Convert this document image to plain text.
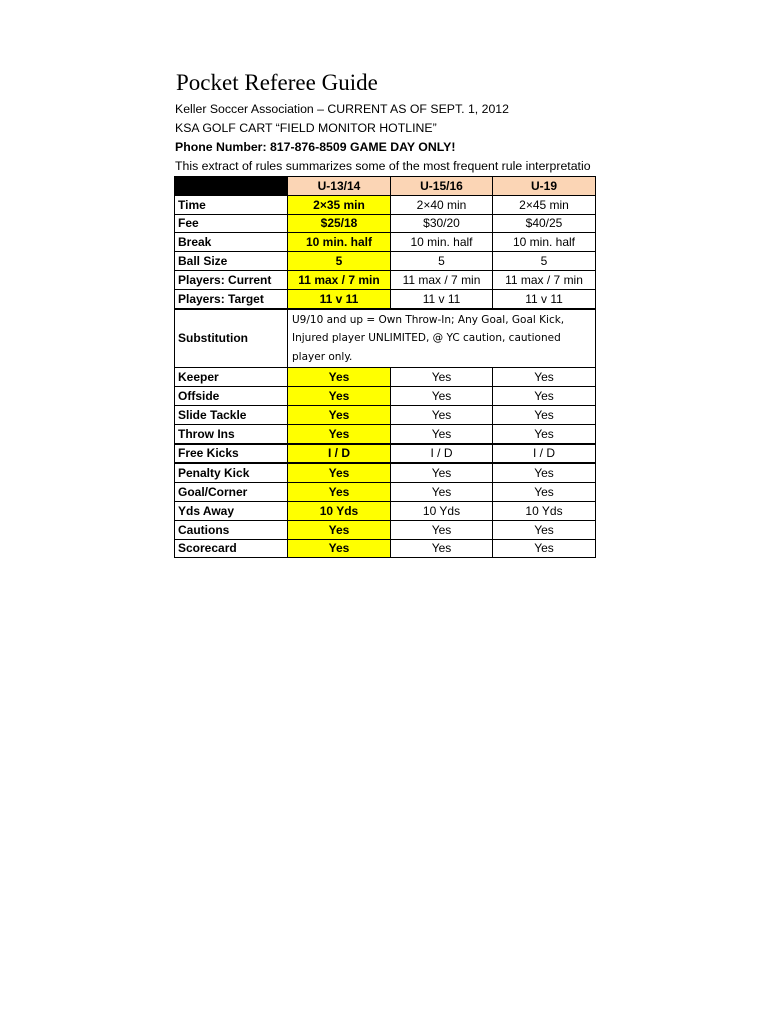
Pocket Referee Guide
Keller Soccer Association – CURRENT AS OF SEPT. 1, 2012
KSA GOLF CART “FIELD MONITOR HOTLINE”
Phone Number: 817-876-8509 GAME DAY ONLY!
This extract of rules summarizes some of the most frequent rule interpretatio
	U-13/14	U-15/16	U-19
Time	2×35 min	2×40 min	2×45 min
Fee	$25/18	$30/20	$40/25
Break	10 min. half	10 min. half	10 min. half
Ball Size	5	5	5
Players: Current	11 max / 7 min	11 max / 7 min	11 max / 7 min
Players: Target	11 v 11	11 v 11	11 v 11
Substitution	U9/10 and up = Own Throw-In; Any Goal, Goal Kick, Injured player UNLIMITED, @ YC caution, cautioned player only.		
Keeper	Yes	Yes	Yes
Offside	Yes	Yes	Yes
Slide Tackle	Yes	Yes	Yes
Throw Ins	Yes	Yes	Yes
Free Kicks	I / D	I / D	I / D
Penalty Kick	Yes	Yes	Yes
Goal/Corner	Yes	Yes	Yes
Yds Away	10 Yds	10 Yds	10 Yds
Cautions	Yes	Yes	Yes
Scorecard	Yes	Yes	Yes
